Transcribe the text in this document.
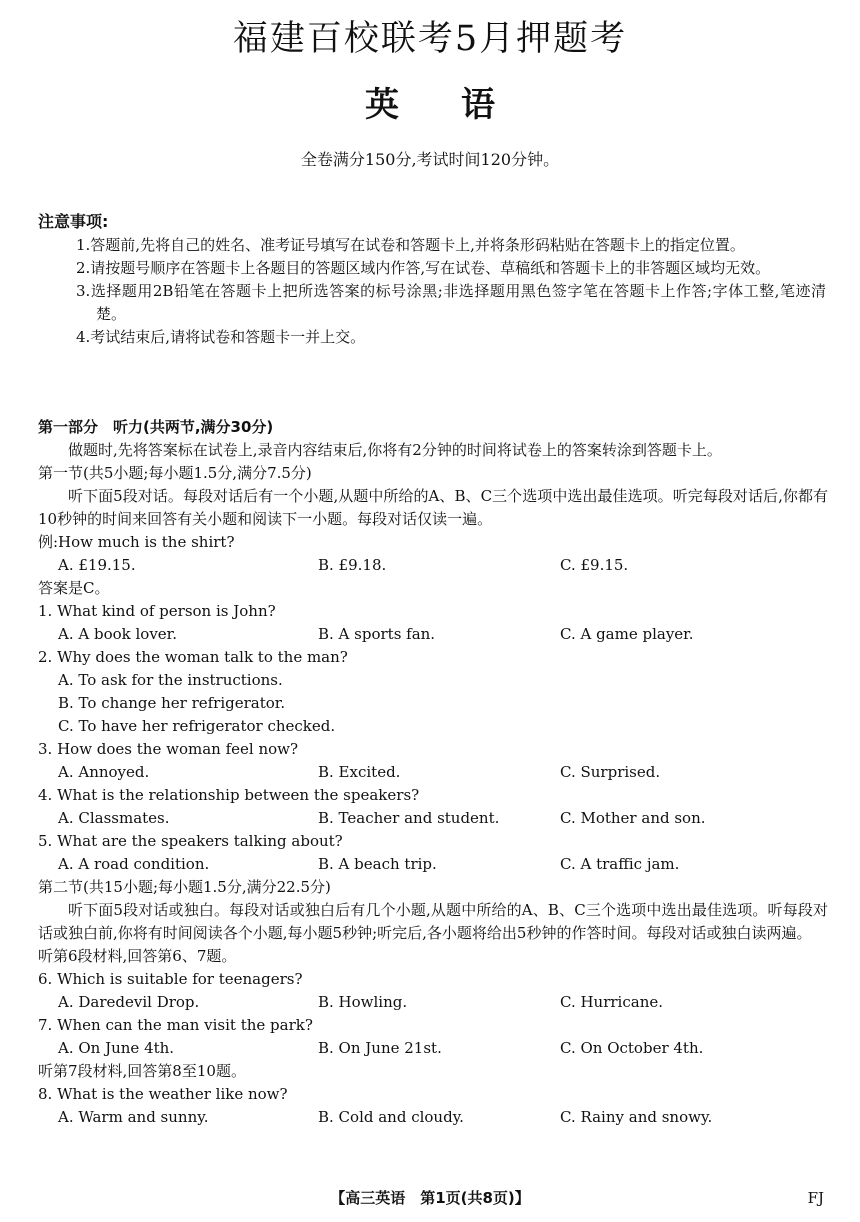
福建百校联考5月押题考
英语
全卷满分150分,考试时间120分钟。
注意事项:
1.答题前,先将自己的姓名、准考证号填写在试卷和答题卡上,并将条形码粘贴在答题卡上的指定位置。
2.请按题号顺序在答题卡上各题目的答题区域内作答,写在试卷、草稿纸和答题卡上的非答题区域均无效。
3.选择题用2B铅笔在答题卡上把所选答案的标号涂黑;非选择题用黑色签字笔在答题卡上作答;字体工整,笔迹清楚。
4.考试结束后,请将试卷和答题卡一并上交。
第一部分　听力(共两节,满分30分)
做题时,先将答案标在试卷上,录音内容结束后,你将有2分钟的时间将试卷上的答案转涂到答题卡上。
第一节(共5小题;每小题1.5分,满分7.5分)
听下面5段对话。每段对话后有一个小题,从题中所给的A、B、C三个选项中选出最佳选项。听完每段对话后,你都有10秒钟的时间来回答有关小题和阅读下一小题。每段对话仅读一遍。
例:How much is the shirt?
A. £19.15.	B. £9.18.	C. £9.15.
答案是C。
1. What kind of person is John?
A. A book lover.	B. A sports fan.	C. A game player.
2. Why does the woman talk to the man?
A. To ask for the instructions.
B. To change her refrigerator.
C. To have her refrigerator checked.
3. How does the woman feel now?
A. Annoyed.	B. Excited.	C. Surprised.
4. What is the relationship between the speakers?
A. Classmates.	B. Teacher and student.	C. Mother and son.
5. What are the speakers talking about?
A. A road condition.	B. A beach trip.	C. A traffic jam.
第二节(共15小题;每小题1.5分,满分22.5分)
听下面5段对话或独白。每段对话或独白后有几个小题,从题中所给的A、B、C三个选项中选出最佳选项。听每段对话或独白前,你将有时间阅读各个小题,每小题5秒钟;听完后,各小题将给出5秒钟的作答时间。每段对话或独白读两遍。
听第6段材料,回答第6、7题。
6. Which is suitable for teenagers?
A. Daredevil Drop.	B. Howling.	C. Hurricane.
7. When can the man visit the park?
A. On June 4th.	B. On June 21st.	C. On October 4th.
听第7段材料,回答第8至10题。
8. What is the weather like now?
A. Warm and sunny.	B. Cold and cloudy.	C. Rainy and snowy.
【高三英语　第1页(共8页)】	FJ
